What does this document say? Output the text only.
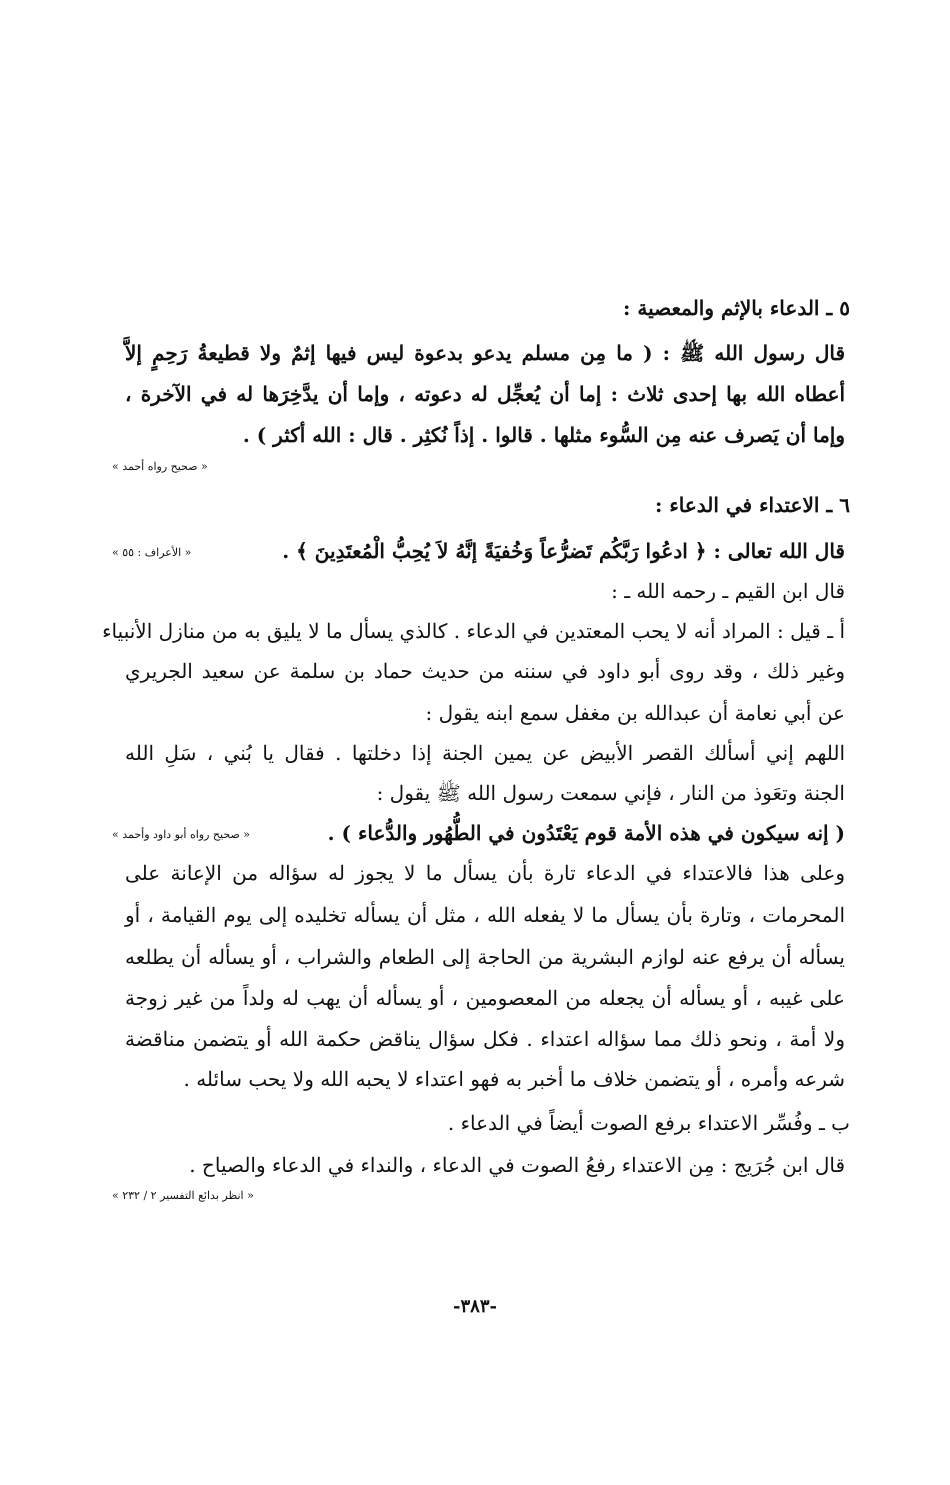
٥ ـ الدعاء بالإثم والمعصية :
قال رسول الله ﷺ : ( ما مِن مسلم يدعو بدعوة ليس فيها إثمٌ ولا قطيعةُ رَحِمٍ إلاَّ
أعطاه الله بها إحدى ثلاث : إما أن يُعجِّل له دعوته ، وإما أن يدَّخِرَها له في الآخرة ،
وإما أن يَصرف عنه مِن السُّوء مثلها . قالوا . إذاً نُكثِر . قال : الله أكثر ) .
« صحيح رواه أحمد »
٦ ـ الاعتداء في الدعاء :
قال الله تعالى : ﴿ ادعُوا رَبَّكُم تَضرُّعاً وَخُفيَةً إنَّهُ لاَ يُحِبُّ الْمُعتَدِينَ ﴾ .
« الأعراف : ٥٥ »
قال ابن القيم ـ رحمه الله ـ :
أ ـ قيل : المراد أنه لا يحب المعتدين في الدعاء . كالذي يسأل ما لا يليق به من منازل الأنبياء
وغير ذلك ، وقد روى أبو داود في سننه من حديث حماد بن سلمة عن سعيد الجريري
عن أبي نعامة أن عبدالله بن مغفل سمع ابنه يقول :
اللهم إني أسألك القصر الأبيض عن يمين الجنة إذا دخلتها . فقال يا بُني ، سَلِ الله
الجنة وتعَوذ من النار ، فإني سمعت رسول الله ﷺ يقول :
( إنه سيكون في هذه الأمة قوم يَعْتَدُون في الطُّهُور والدُّعاء ) .
« صحيح رواه أبو داود وأحمد »
وعلى هذا فالاعتداء في الدعاء تارة بأن يسأل ما لا يجوز له سؤاله من الإعانة على
المحرمات ، وتارة بأن يسأل ما لا يفعله الله ، مثل أن يسأله تخليده إلى يوم القيامة ، أو
يسأله أن يرفع عنه لوازم البشرية من الحاجة إلى الطعام والشراب ، أو يسأله أن يطلعه
على غيبه ، أو يسأله أن يجعله من المعصومين ، أو يسأله أن يهب له ولداً من غير زوجة
ولا أمة ، ونحو ذلك مما سؤاله اعتداء . فكل سؤال يناقض حكمة الله أو يتضمن مناقضة
شرعه وأمره ، أو يتضمن خلاف ما أخبر به فهو اعتداء لا يحبه الله ولا يحب سائله .
ب ـ وفُسِّر الاعتداء برفع الصوت أيضاً في الدعاء .
قال ابن جُرَيج : مِن الاعتداء رفعُ الصوت في الدعاء ، والنداء في الدعاء والصياح .
« انظر بدائع التفسير ٢ / ٢٣٢ »
-٣٨٣-
